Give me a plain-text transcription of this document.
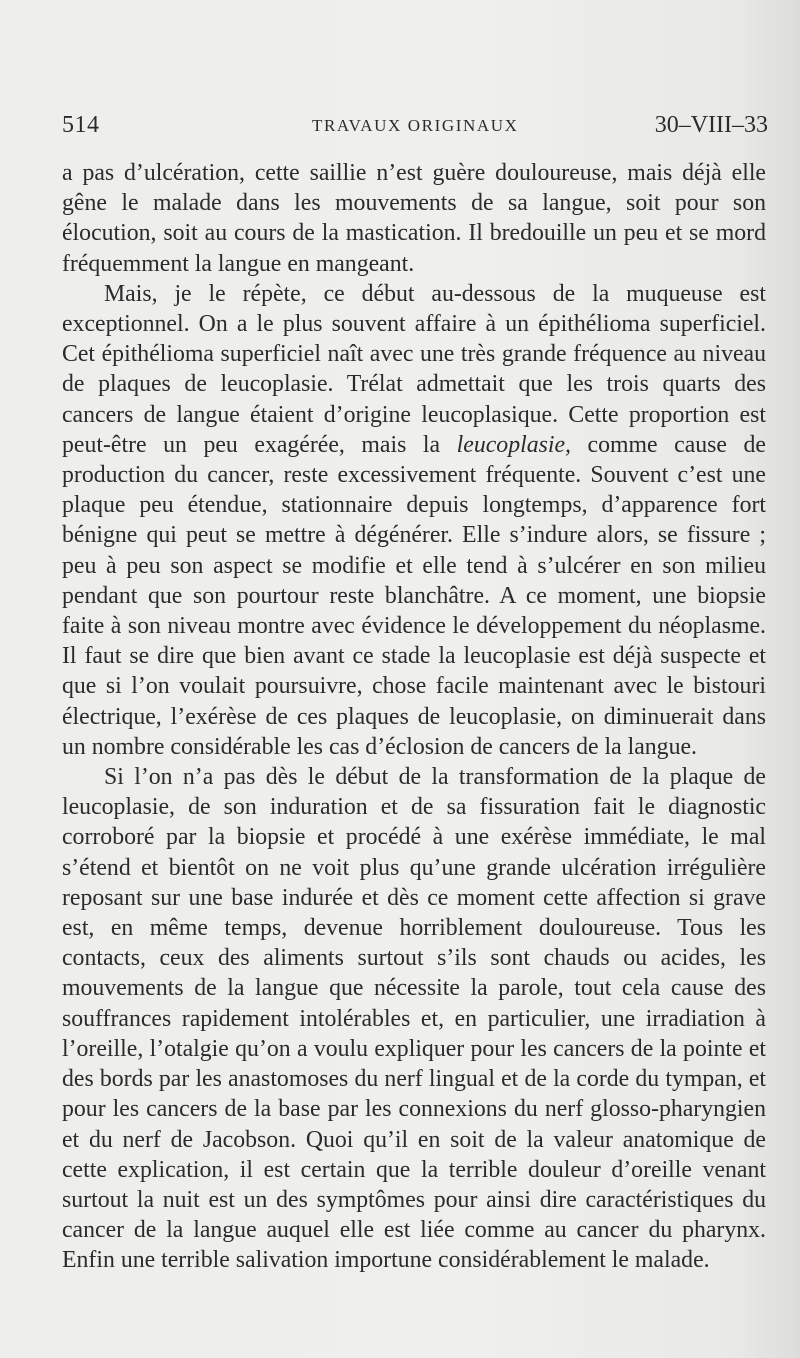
514	TRAVAUX ORIGINAUX	30–VIII–33

a pas d’ulcération, cette saillie n’est guère douloureuse, mais déjà elle gêne le malade dans les mouvements de sa langue, soit pour son élocution, soit au cours de la mastication. Il bredouille un peu et se mord fréquemment la langue en mangeant.

Mais, je le répète, ce début au-dessous de la muqueuse est exceptionnel. On a le plus souvent affaire à un épithélioma superficiel. Cet épithélioma superficiel naît avec une très grande fréquence au niveau de plaques de leucoplasie. Trélat admettait que les trois quarts des cancers de langue étaient d’origine leucoplasique. Cette proportion est peut-être un peu exagérée, mais la leucoplasie, comme cause de production du cancer, reste excessivement fréquente. Souvent c’est une plaque peu étendue, stationnaire depuis longtemps, d’apparence fort bénigne qui peut se mettre à dégénérer. Elle s’indure alors, se fissure ; peu à peu son aspect se modifie et elle tend à s’ulcérer en son milieu pendant que son pourtour reste blanchâtre. A ce moment, une biopsie faite à son niveau montre avec évidence le développement du néoplasme. Il faut se dire que bien avant ce stade la leucoplasie est déjà suspecte et que si l’on voulait poursuivre, chose facile maintenant avec le bistouri électrique, l’exérèse de ces plaques de leucoplasie, on diminuerait dans un nombre considérable les cas d’éclosion de cancers de la langue.

Si l’on n’a pas dès le début de la transformation de la plaque de leucoplasie, de son induration et de sa fissuration fait le diagnostic corroboré par la biopsie et procédé à une exérèse immédiate, le mal s’étend et bientôt on ne voit plus qu’une grande ulcération irrégulière reposant sur une base indurée et dès ce moment cette affection si grave est, en même temps, devenue horriblement douloureuse. Tous les contacts, ceux des aliments surtout s’ils sont chauds ou acides, les mouvements de la langue que nécessite la parole, tout cela cause des souffrances rapidement intolérables et, en particulier, une irradiation à l’oreille, l’otalgie qu’on a voulu expliquer pour les cancers de la pointe et des bords par les anastomoses du nerf lingual et de la corde du tympan, et pour les cancers de la base par les connexions du nerf glosso-pharyngien et du nerf de Jacobson. Quoi qu’il en soit de la valeur anatomique de cette explication, il est certain que la terrible douleur d’oreille venant surtout la nuit est un des symptômes pour ainsi dire caractéristiques du cancer de la langue auquel elle est liée comme au cancer du pharynx. Enfin une terrible salivation importune considérablement le malade.
